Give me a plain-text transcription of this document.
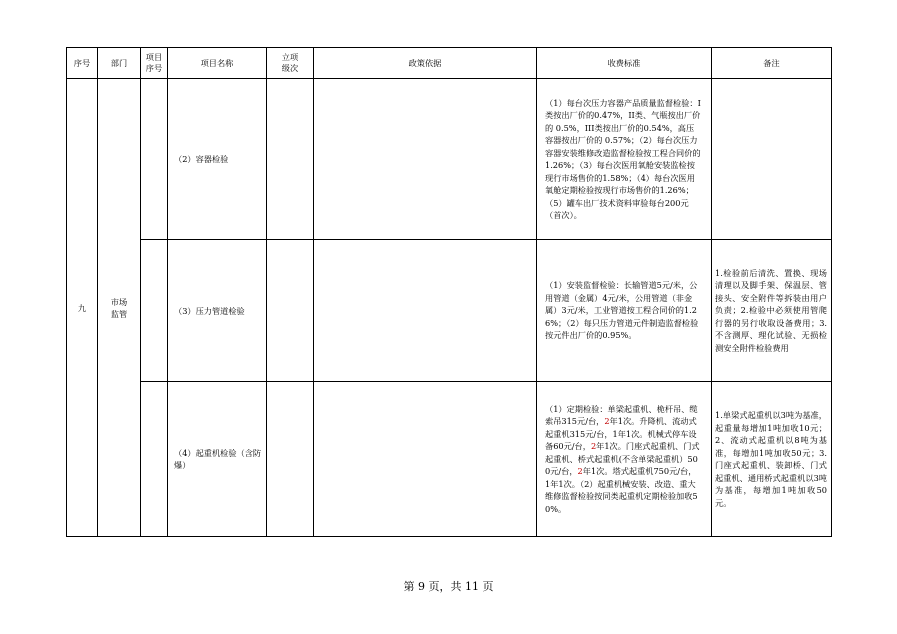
序号	部门	项目序号	项目名称	立项级次	政策依据	收费标准	备注
九	市场监管		（2）容器检验			（1）每台次压力容器产品质量监督检验：I类按出厂价的0.47%，II类、气瓶按出厂价的 0.5%，III类按出厂价的0.54%，高压容器按出厂价的 0.57%；（2）每台次压力容器安装维修改造监督检验按工程合同价的1.26%；（3）每台次医用氧舱安装监检按现行市场售价的1.58%；（4）每台次医用氧舱定期检验按现行市场售价的1.26%；（5）罐车出厂技术资料审验每台200元（首次）。	
			（3）压力管道检验			（1）安装监督检验：长输管道5元/米，公用管道（金属）4元/米，公用管道（非金属）3元/米，工业管道按工程合同价的1.26%；（2）每只压力管道元件制造监督检验按元件出厂价的0.95%。	1.检验前后清洗、置换、现场清理以及脚手架、保温层、管接头、安全附件等拆装由用户负责；2.检验中必须使用管爬行器的另行收取设备费用；3.不含测厚、理化试验、无损检测安全附件检验费用
			（4）起重机检验（含防爆）			（1）定期检验：单梁起重机、桅杆吊、缆索吊315元/台，2年1次。升降机、流动式起重机315元/台，1年1次。机械式停车设备60元/台，2年1次。门座式起重机、门式起重机、桥式起重机(不含单梁起重机）500元/台，2年1次。塔式起重机750元/台，1年1次。（2）起重机械安装、改造、重大维修监督检验按同类起重机定期检验加收50%。	1.单梁式起重机以3吨为基准，起重量每增加1吨加收10元；2、流动式起重机以8吨为基准，每增加1吨加收50元；3.门座式起重机、装卸桥、门式起重机、通用桥式起重机以3吨为基准，每增加1吨加收50元。
第 9 页，共 11 页
